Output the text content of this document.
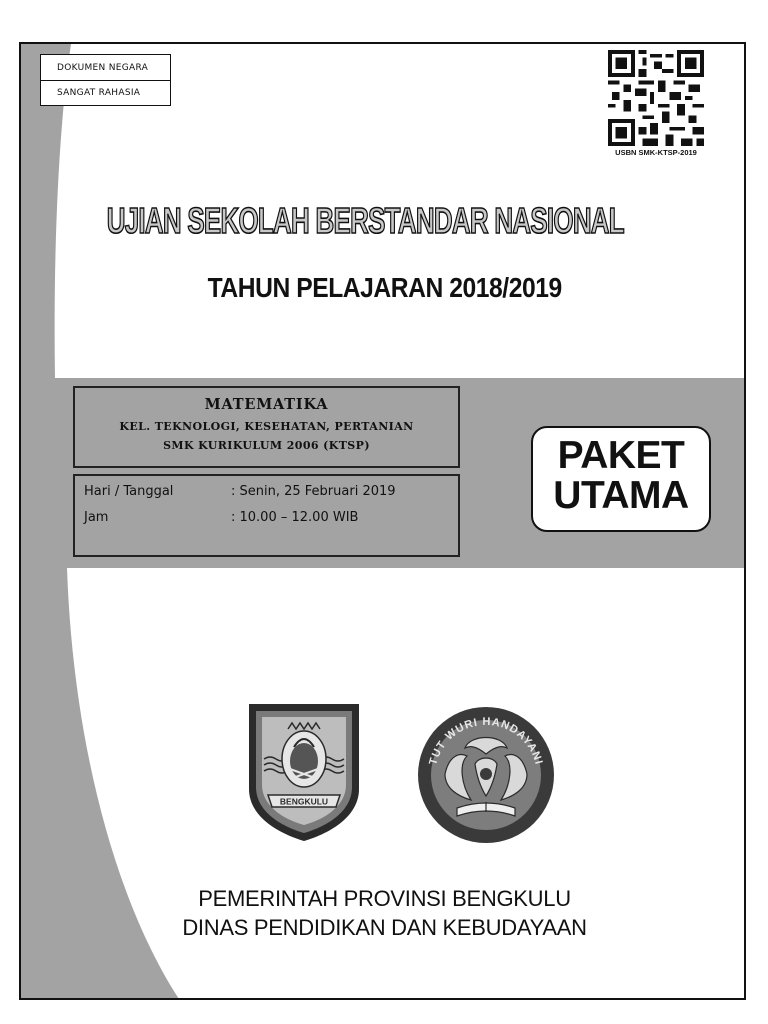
DOKUMEN NEGARA
SANGAT RAHASIA
USBN SMK-KTSP-2019
UJIAN SEKOLAH BERSTANDAR NASIONAL
TAHUN PELAJARAN 2018/2019
MATEMATIKA
KEL. TEKNOLOGI, KESEHATAN, PERTANIAN
SMK KURIKULUM 2006 (KTSP)
Hari / Tanggal	: Senin, 25 Februari 2019
Jam	: 10.00 – 12.00 WIB
PAKET
UTAMA
BENGKULU
TUT WURI HANDAYANI
PEMERINTAH PROVINSI BENGKULU
DINAS PENDIDIKAN DAN KEBUDAYAAN
